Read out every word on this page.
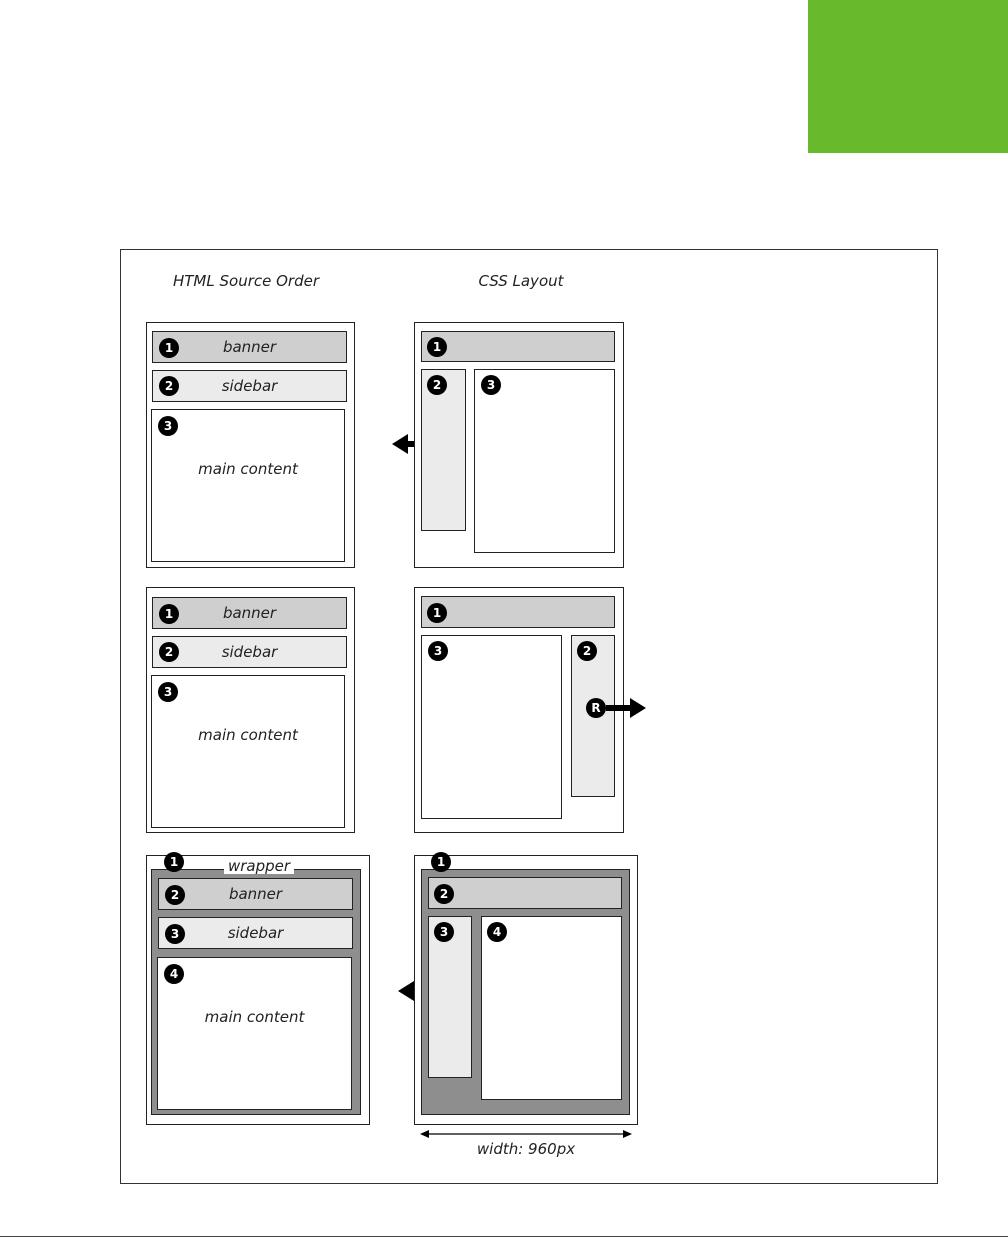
HTML Source Order	CSS Layout
1	banner
2	sidebar
3
main content
1
2	3
1	banner
2	sidebar
3
main content
1
3	2
R
1	wrapper
2	banner
3	sidebar
4
main content
1
2
3	4
width: 960px
